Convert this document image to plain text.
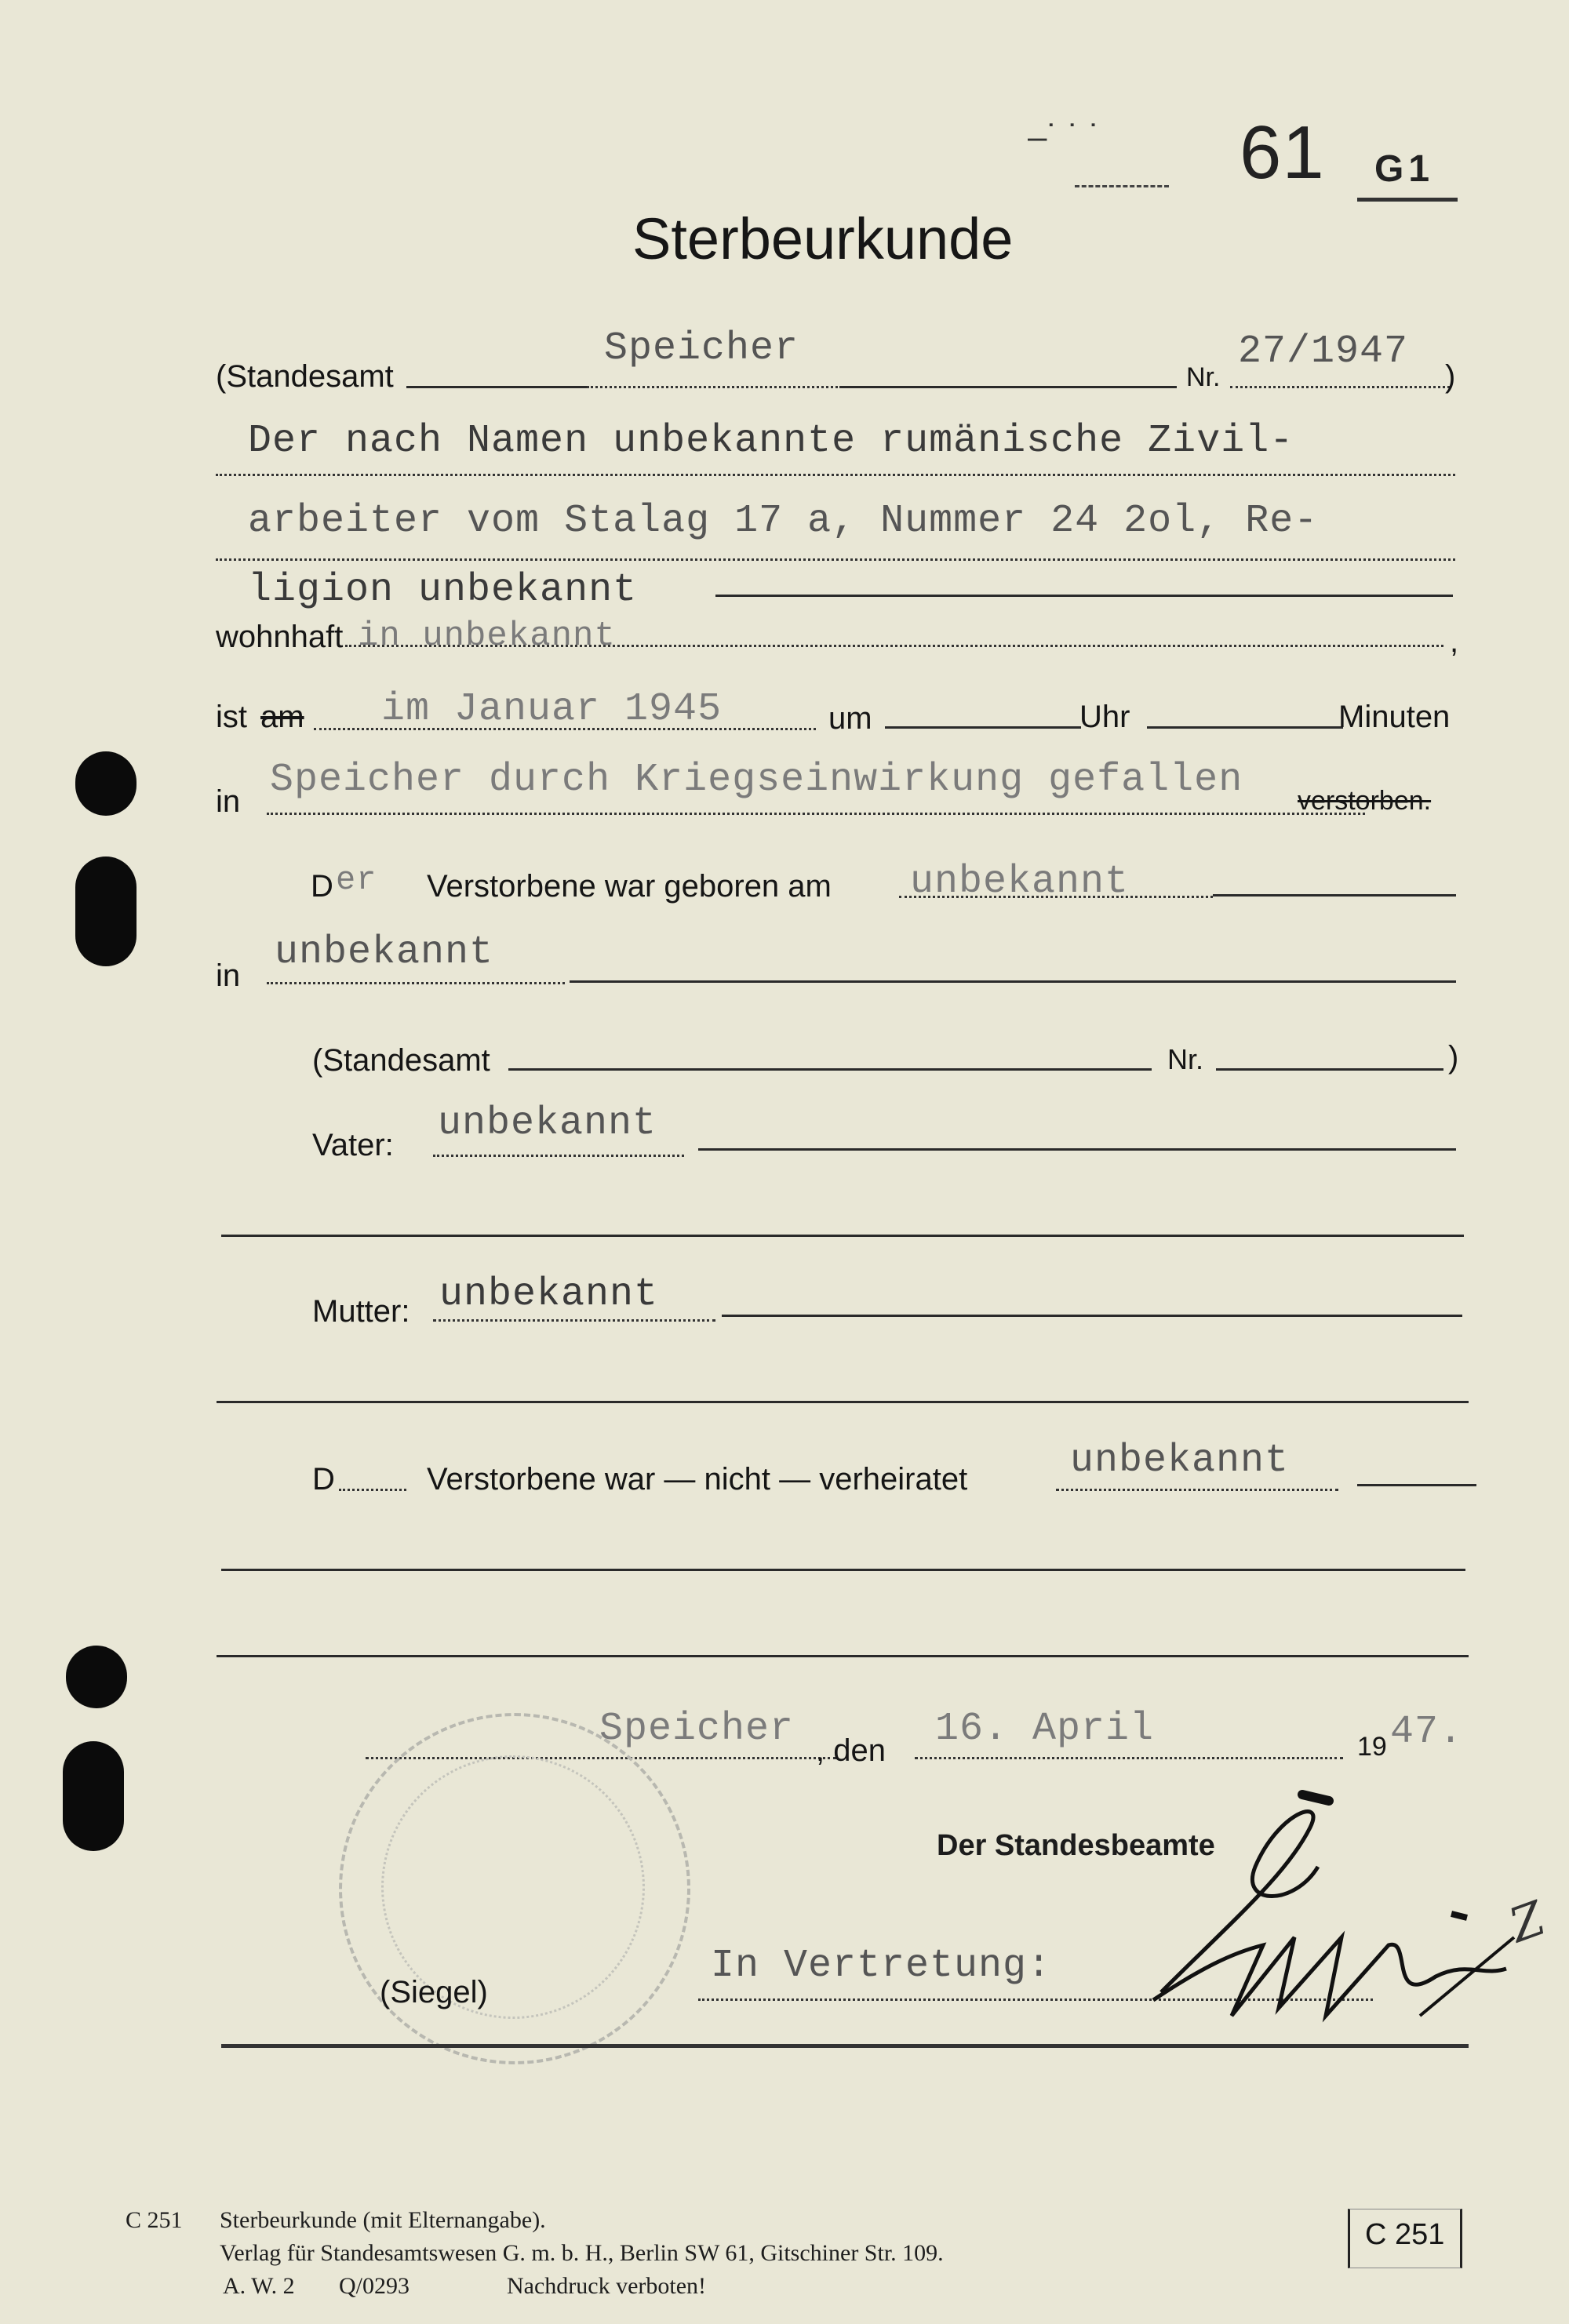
–˙ ˙ ˙ 61 G1
Sterbeurkunde
(Standesamt
Speicher
Nr.
27/1947
)
Der nach Namen unbekannte rumänische Zivil-
arbeiter vom Stalag 17 a, Nummer 24 2ol, Re-
ligion unbekannt
wohnhaft in unbekannt	,
ist am im Januar 1945	um	Uhr	Minuten
in Speicher durch Kriegseinwirkung gefallen verstorben.
D er Verstorbene war geboren am unbekannt
in
unbekannt
(Standesamt	Nr.	)
Vater: unbekannt
Mutter: unbekannt
D	Verstorbene war — nicht — verheiratet	unbekannt
Speicher , den 16. April	19 47.
Der Standesbeamte
(Siegel)
In Vertretung:
Z
C 251 Sterbeurkunde (mit Elternangabe).
Verlag für Standesamtswesen G. m. b. H., Berlin SW 61, Gitschiner Str. 109.
A. W. 2 Q/0293	Nachdruck verboten!
C 251
